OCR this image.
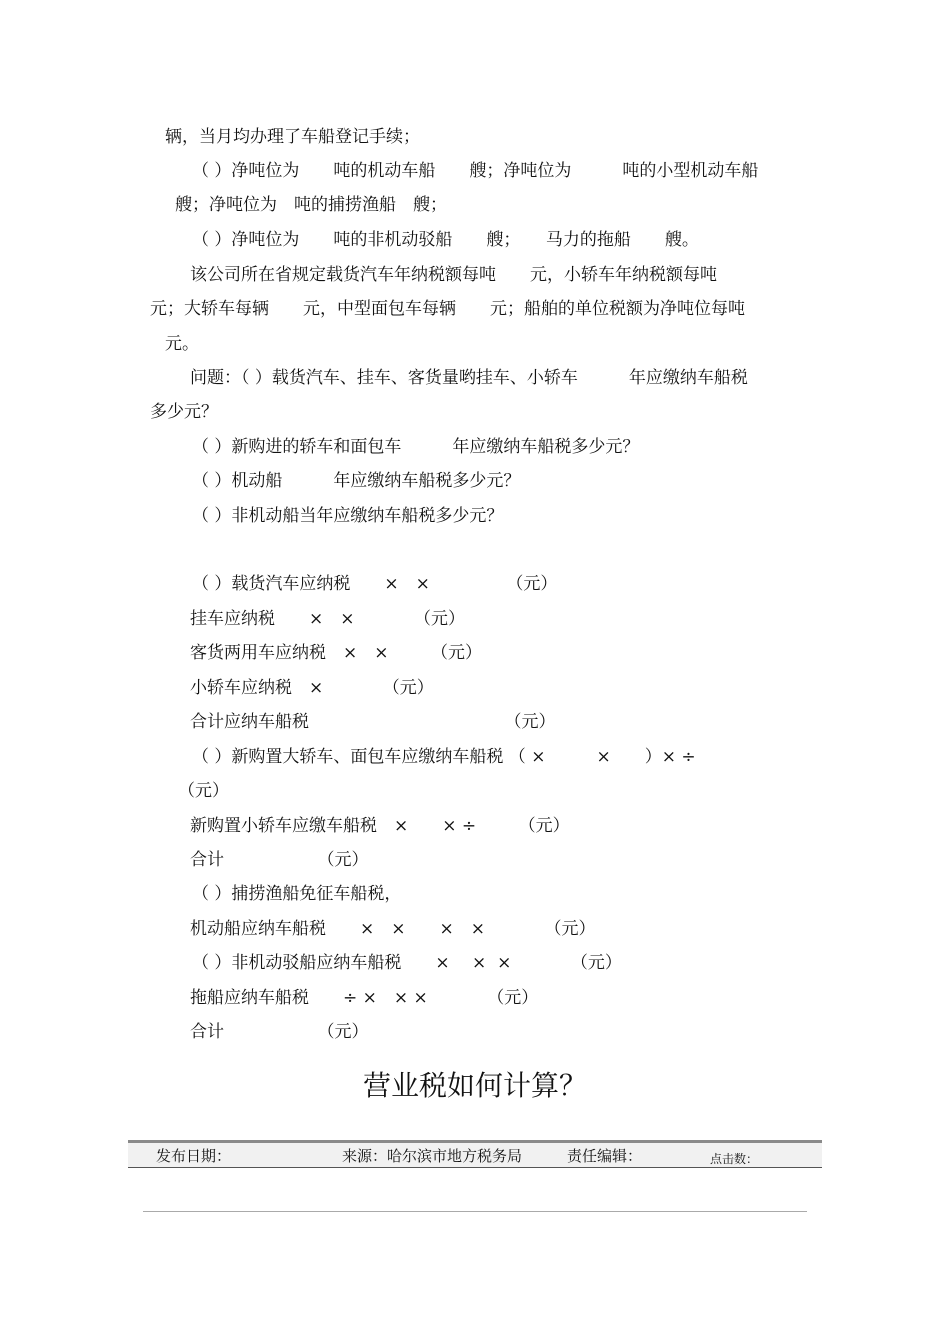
辆，当月均办理了车船登记手续；
（ ）净吨位为　　吨的机动车船　　艘；净吨位为　　　吨的小型机动车船
艘；净吨位为　吨的捕捞渔船　艘；
（ ）净吨位为　　吨的非机动驳船　　艘；　　马力的拖船　　艘。
该公司所在省规定载货汽车年纳税额每吨　　元，小轿车年纳税额每吨
元；大轿车每辆　　元，中型面包车每辆　　元；船舶的单位税额为净吨位每吨
元。
问题：（ ）载货汽车、挂车、客货量哟挂车、小轿车　　　年应缴纳车船税
多少元？
（ ）新购进的轿车和面包车　　　年应缴纳车船税多少元？
（ ）机动船　　　年应缴纳车船税多少元？
（ ）非机动船当年应缴纳车船税多少元？
（ ）载货汽车应纳税　　×　×　　　　　（元）
挂车应纳税　　×　×　　　　（元）
客货两用车应纳税　×　×　　　（元）
小轿车应纳税　×　　　　（元）
合计应纳车船税　　　　　　　　　　　　（元）
（ ）新购置大轿车、面包车应缴纳车船税 （ ×　　　×　　）× ÷
（元）
新购置小轿车应缴车船税　×　　× ÷　　　（元）
合计　　　　　　（元）
（ ）捕捞渔船免征车船税，
机动船应纳车船税　　×　×　　×　×　　　　（元）
（ ）非机动驳船应纳车船税　　×　 ×  ×　　　　（元）
拖船应纳车船税　　÷ ×　× ×　　　　（元）
合计　　　　　　（元）
营业税如何计算？
发布日期：	来源：哈尔滨市地方税务局	责任编辑：	点击数：
